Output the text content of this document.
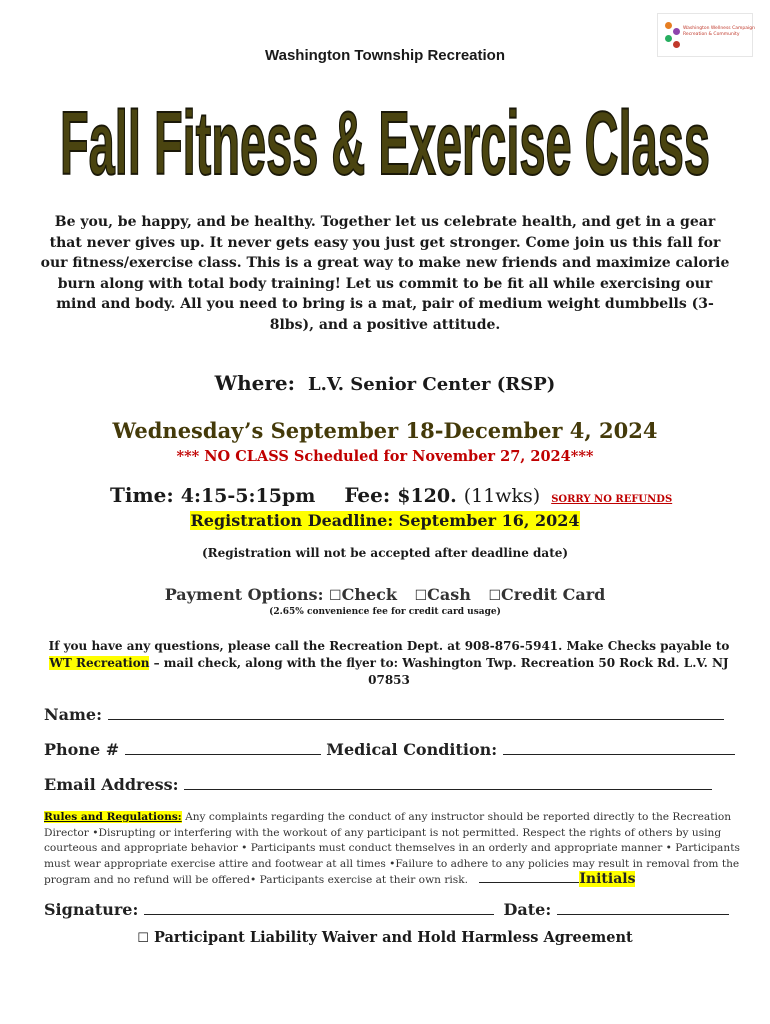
Washington Wellness Campaign
Recreation & Community
Washington Township Recreation
Fall Fitness & Exercise Class
Be you, be happy, and be healthy. Together let us celebrate health, and get in a gear that never gives up. It never gets easy you just get stronger. Come join us this fall for our fitness/exercise class. This is a great way to make new friends and maximize calorie burn along with total body training! Let us commit to be fit all while exercising our mind and body. All you need to bring is a mat, pair of medium weight dumbbells (3-8lbs), and a positive attitude.
Where: L.V. Senior Center (RSP)
Wednesday’s September 18-December 4, 2024
*** NO CLASS Scheduled for November 27, 2024***
Time: 4:15-5:15pm Fee: $120. (11wks) SORRY NO REFUNDS
Registration Deadline: September 16, 2024
(Registration will not be accepted after deadline date)
Payment Options: ☐Check ☐Cash ☐Credit Card
(2.65% convenience fee for credit card usage)
If you have any questions, please call the Recreation Dept. at 908-876-5941. Make Checks payable to
WT Recreation – mail check, along with the flyer to: Washington Twp. Recreation 50 Rock Rd. L.V. NJ 07853
Name:
Phone #	Medical Condition:
Email Address:
Rules and Regulations: Any complaints regarding the conduct of any instructor should be reported directly to the Recreation Director •Disrupting or interfering with the workout of any participant is not permitted. Respect the rights of others by using courteous and appropriate behavior • Participants must conduct themselves in an orderly and appropriate manner • Participants must wear appropriate exercise attire and footwear at all times •Failure to adhere to any policies may result in removal from the program and no refund will be offered• Participants exercise at their own risk.	Initials
Signature:	Date:
☐ Participant Liability Waiver and Hold Harmless Agreement
